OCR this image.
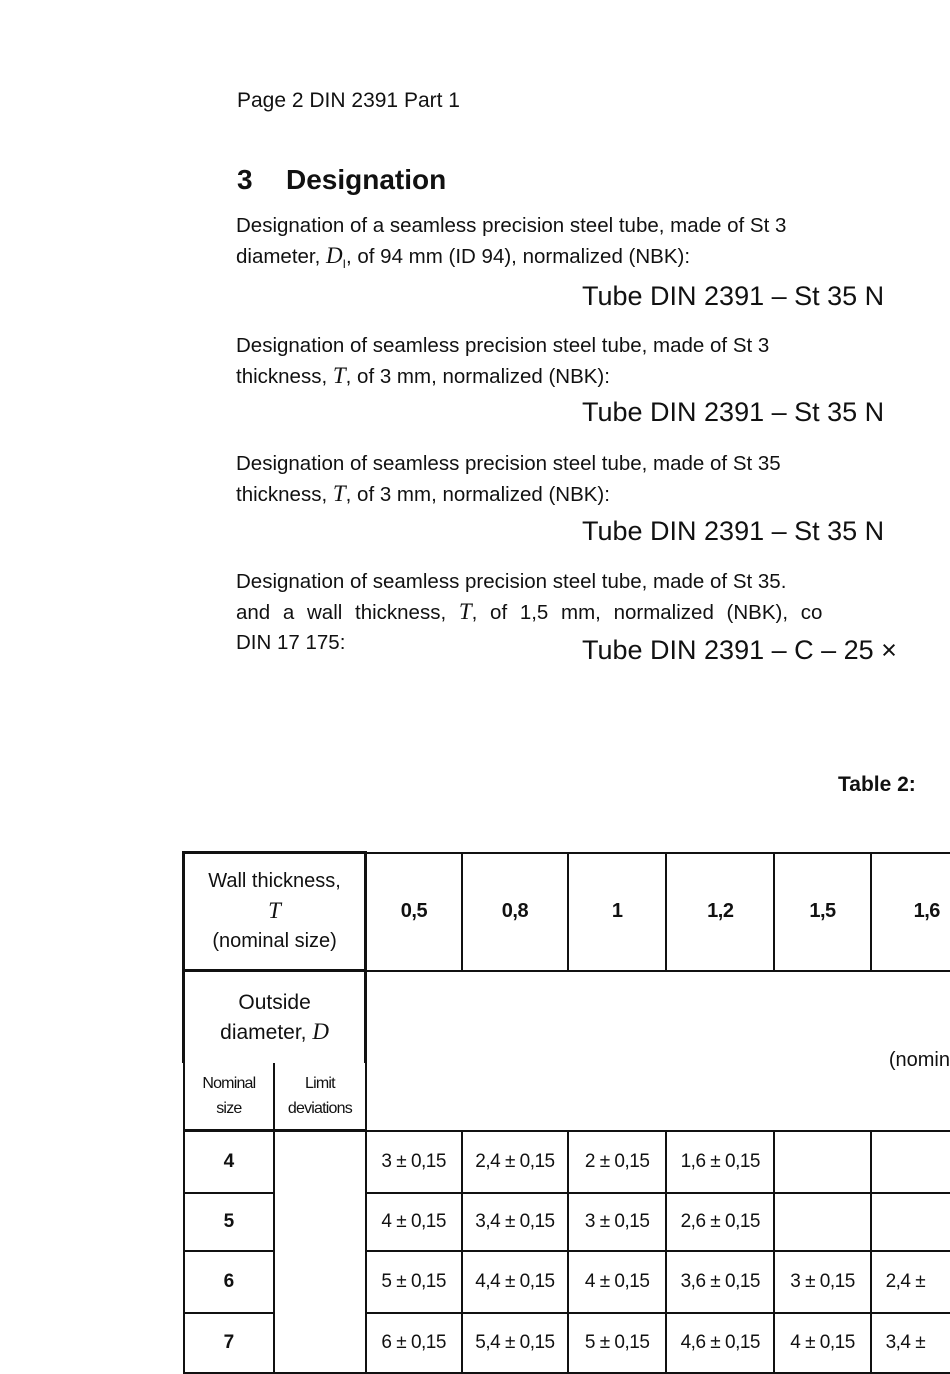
Page 2 DIN 2391 Part 1
3 Designation
Designation of a seamless precision steel tube, made of St 3
diameter, $D_I$, of 94 mm (ID 94), normalized (NBK):
Tube DIN 2391 – St 35 N
Designation of seamless precision steel tube, made of St 3
thickness, T, of 3 mm, normalized (NBK):
Tube DIN 2391 – St 35 N
Designation of seamless precision steel tube, made of St 35
thickness, T, of 3 mm, normalized (NBK):
Tube DIN 2391 – St 35 N
Designation of seamless precision steel tube, made of St 35.
and a wall thickness, T, of 1,5 mm, normalized (NBK), co
DIN 17 175:	Tube DIN 2391 – C – 25 ×
Table 2:
Wall thickness,
T
(nominal size)		0,5	0,8	1	1,2	1,5	1,6
Outside
diameter, D		(nomin					
Nominal
size	Limit
deviations						
4		3 ± 0,15	2,4 ± 0,15	2 ± 0,15	1,6 ± 0,15		
5		4 ± 0,15	3,4 ± 0,15	3 ± 0,15	2,6 ± 0,15		
6		5 ± 0,15	4,4 ± 0,15	4 ± 0,15	3,6 ± 0,15	3 ± 0,15	2,4 ±
7		6 ± 0,15	5,4 ± 0,15	5 ± 0,15	4,6 ± 0,15	4 ± 0,15	3,4 ±
